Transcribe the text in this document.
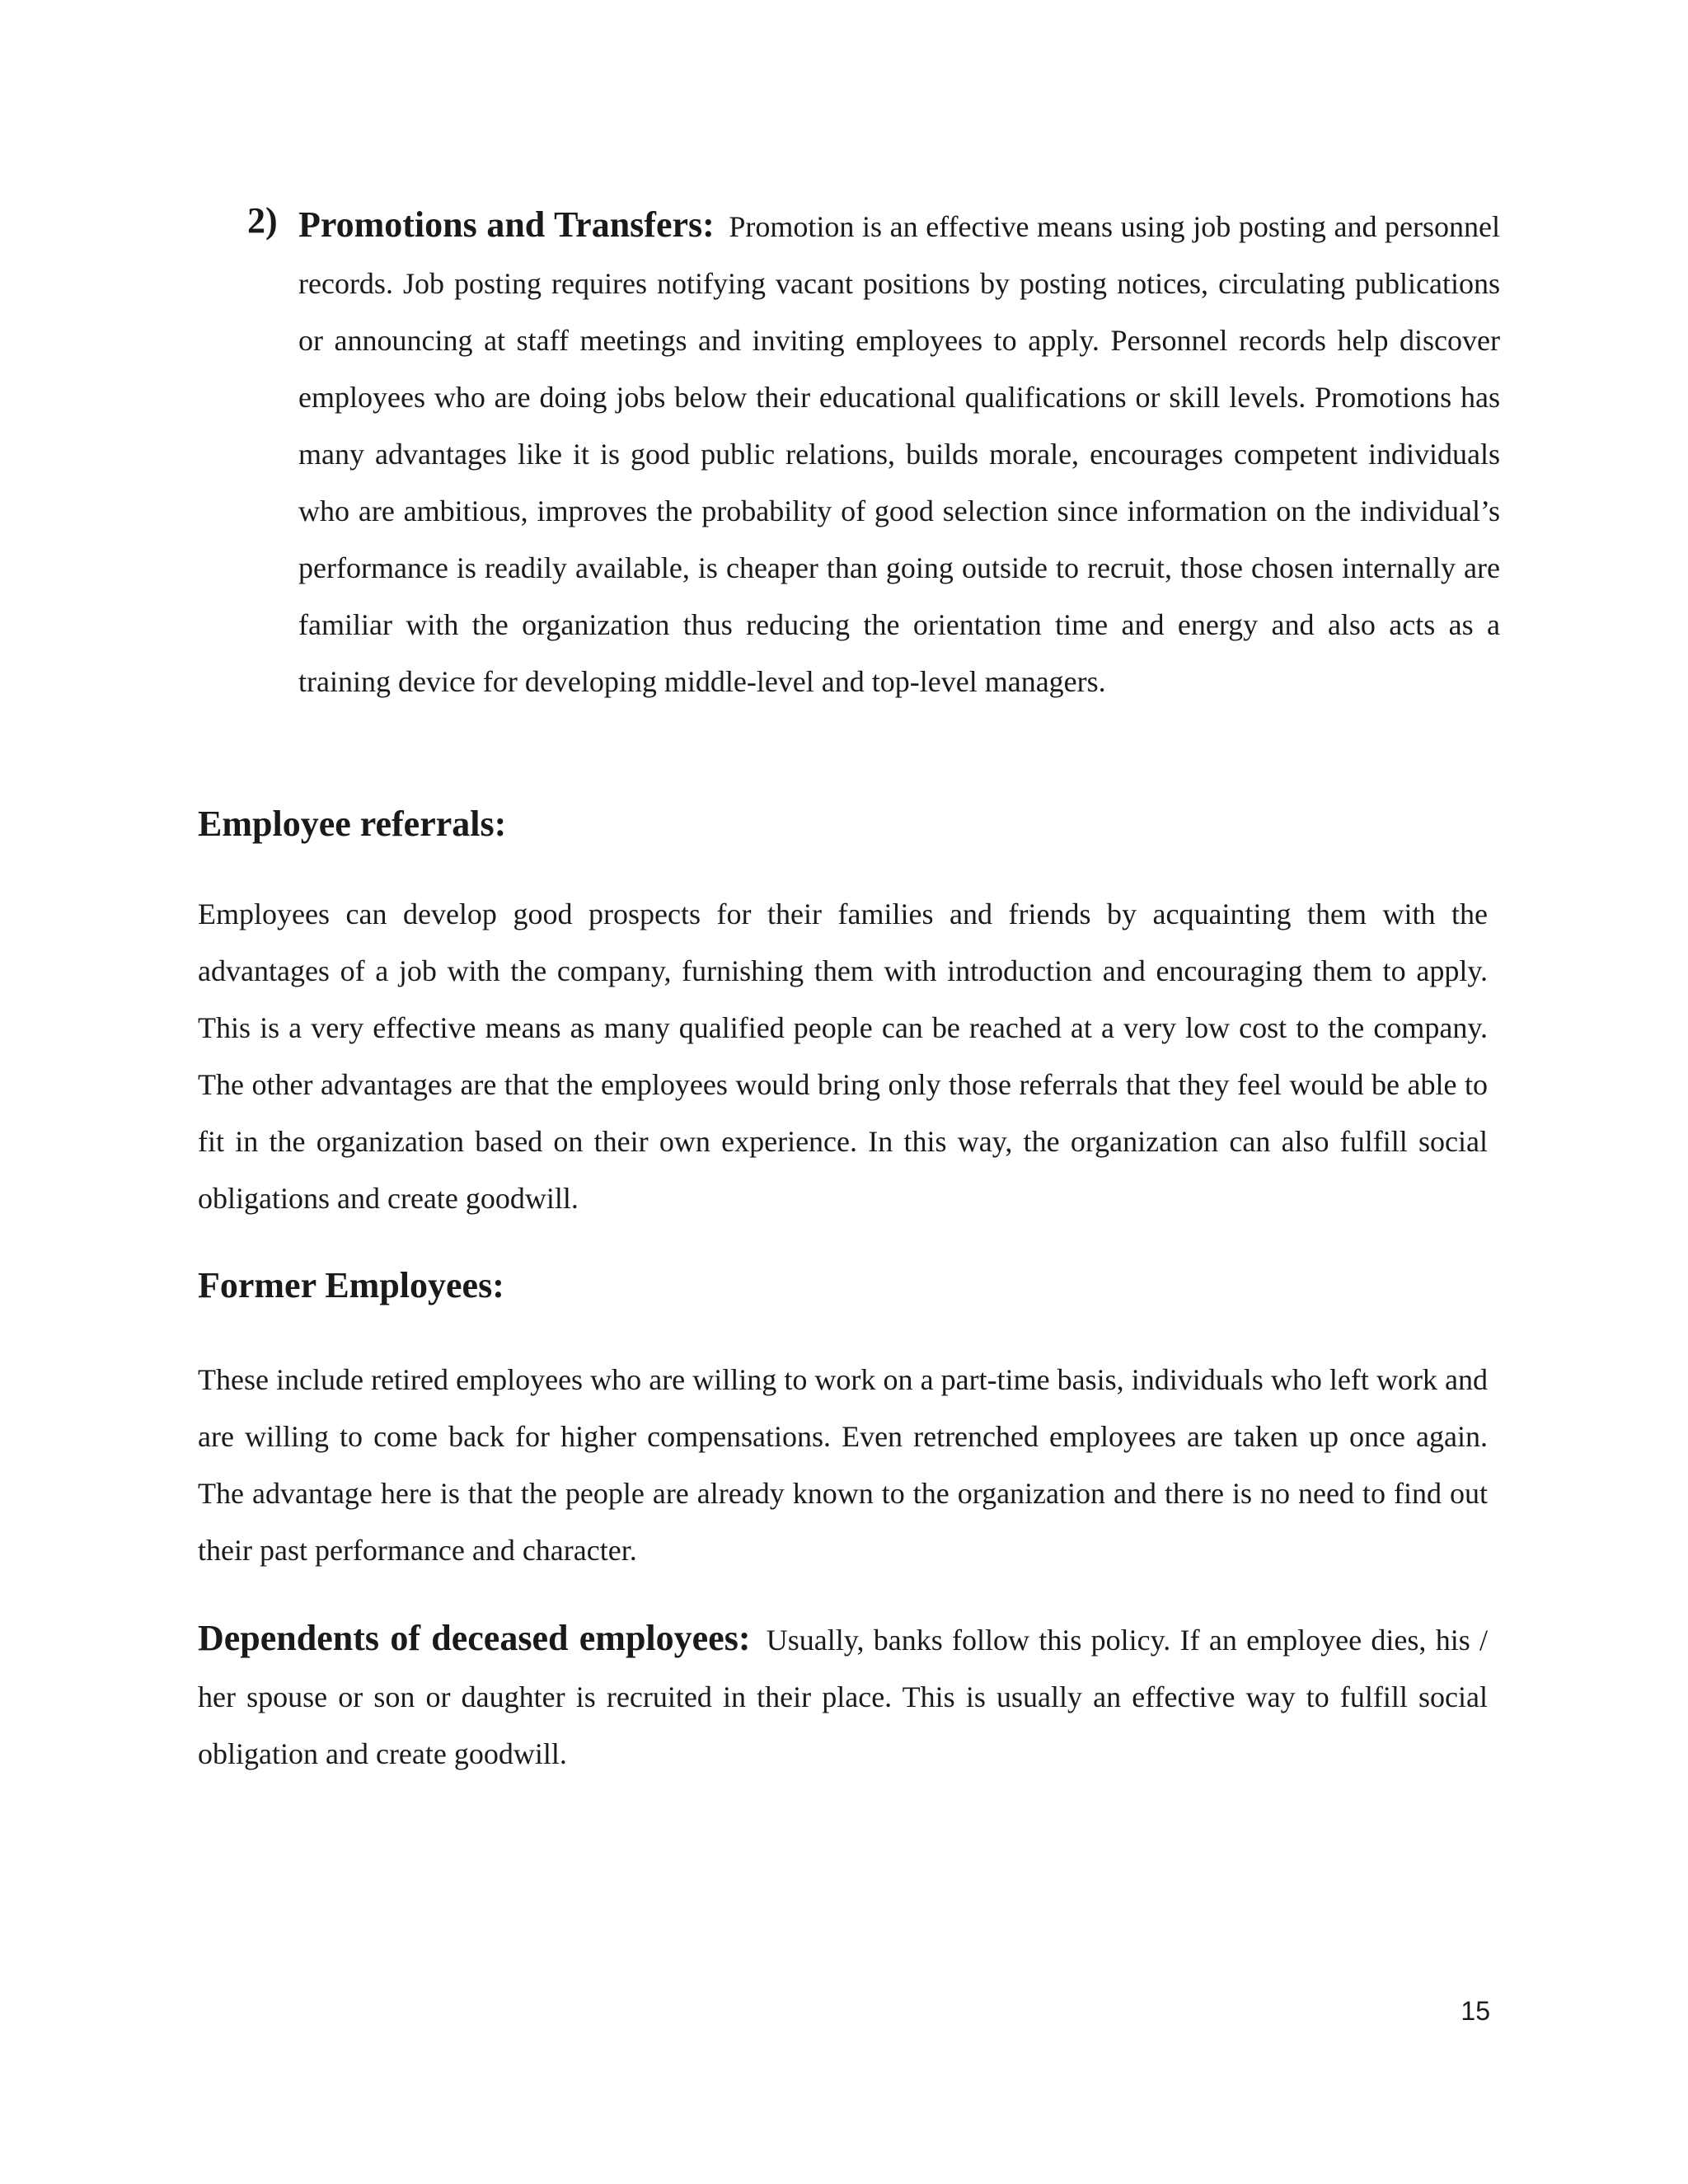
2) Promotions and Transfers: Promotion is an effective means using job posting and personnel records. Job posting requires notifying vacant positions by posting notices, circulating publications or announcing at staff meetings and inviting employees to apply. Personnel records help discover employees who are doing jobs below their educational qualifications or skill levels. Promotions has many advantages like it is good public relations, builds morale, encourages competent individuals who are ambitious, improves the probability of good selection since information on the individual’s performance is readily available, is cheaper than going outside to recruit, those chosen internally are familiar with the organization thus reducing the orientation time and energy and also acts as a training device for developing middle-level and top-level managers.
Employee referrals:
Employees can develop good prospects for their families and friends by acquainting them with the advantages of a job with the company, furnishing them with introduction and encouraging them to apply. This is a very effective means as many qualified people can be reached at a very low cost to the company. The other advantages are that the employees would bring only those referrals that they feel would be able to fit in the organization based on their own experience. In this way, the organization can also fulfill social obligations and create goodwill.
Former Employees:
These include retired employees who are willing to work on a part-time basis, individuals who left work and are willing to come back for higher compensations. Even retrenched employees are taken up once again. The advantage here is that the people are already known to the organization and there is no need to find out their past performance and character.
Dependents of deceased employees: Usually, banks follow this policy. If an employee dies, his / her spouse or son or daughter is recruited in their place. This is usually an effective way to fulfill social obligation and create goodwill.
15
